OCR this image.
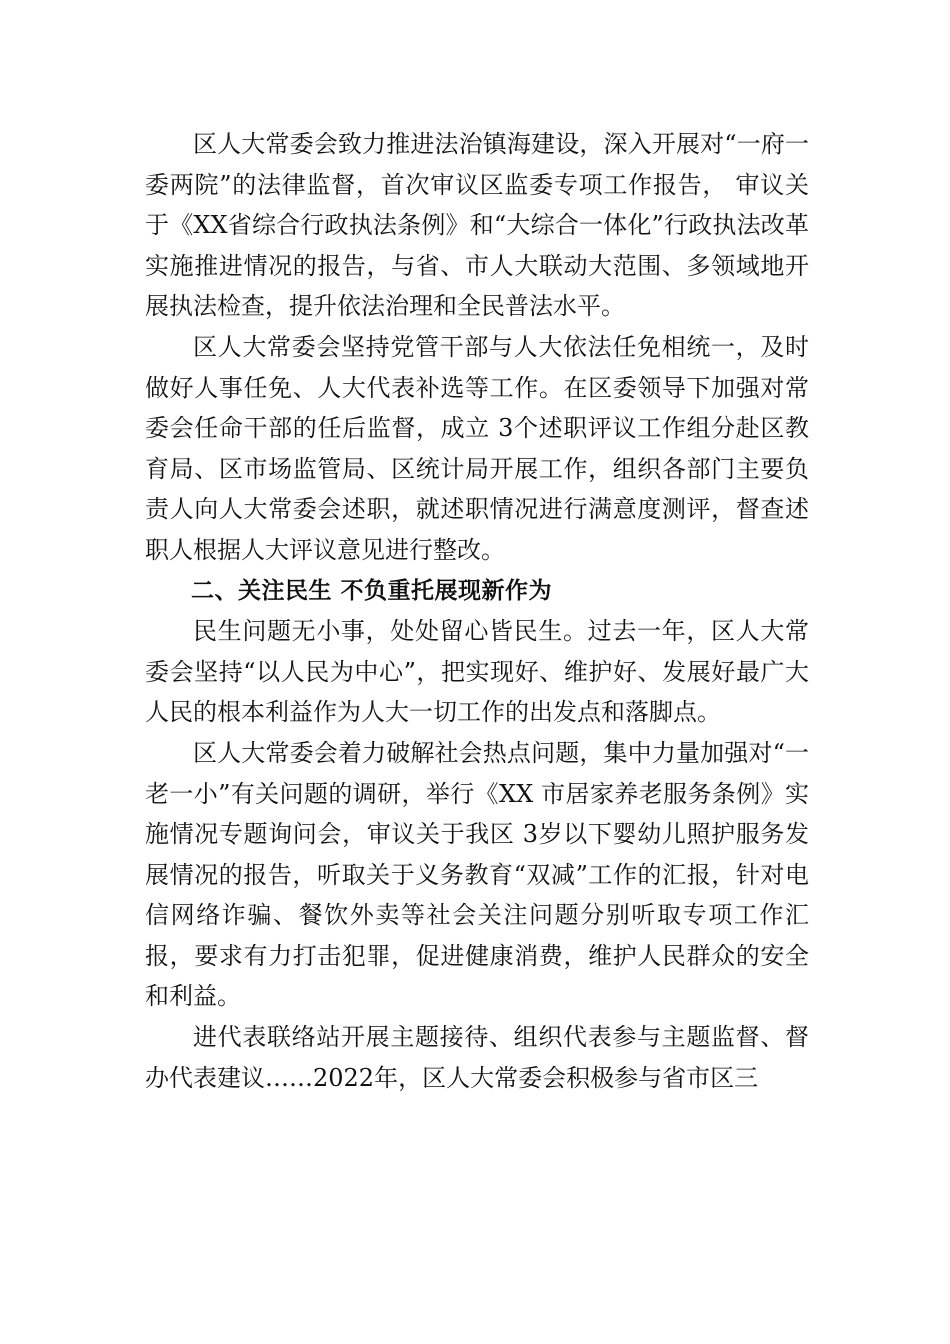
区人大常委会致力推进法治镇海建设，深入开展对“一府一委两院”的法律监督，首次审议区监委专项工作报告， 审议关于《XX省综合行政执法条例》和“大综合一体化”行政执法改革实施推进情况的报告，与省、市人大联动大范围、多领域地开展执法检查，提升依法治理和全民普法水平。

区人大常委会坚持党管干部与人大依法任免相统一，及时做好人事任免、人大代表补选等工作。在区委领导下加强对常委会任命干部的任后监督，成立 3个述职评议工作组分赴区教育局、区市场监管局、区统计局开展工作，组织各部门主要负责人向人大常委会述职，就述职情况进行满意度测评，督查述职人根据人大评议意见进行整改。

二、关注民生 不负重托展现新作为

民生问题无小事，处处留心皆民生。过去一年，区人大常委会坚持“以人民为中心”，把实现好、维护好、发展好最广大人民的根本利益作为人大一切工作的出发点和落脚点。

区人大常委会着力破解社会热点问题，集中力量加强对“一老一小”有关问题的调研，举行《XX 市居家养老服务条例》实施情况专题询问会，审议关于我区 3岁以下婴幼儿照护服务发展情况的报告，听取关于义务教育“双减”工作的汇报，针对电信网络诈骗、餐饮外卖等社会关注问题分别听取专项工作汇报，要求有力打击犯罪，促进健康消费，维护人民群众的安全和利益。

进代表联络站开展主题接待、组织代表参与主题监督、督办代表建议……2022年，区人大常委会积极参与省市区三
